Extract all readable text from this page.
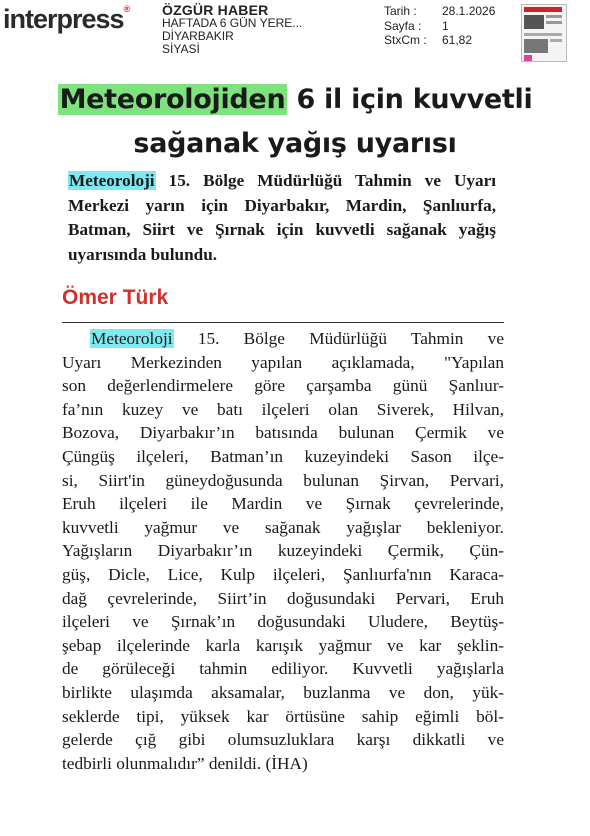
interpress® ÖZGÜR HABER
HAFTADA 6 GÜN YERE...
DİYARBAKIR
SİYASİ
Tarih :	28.1.2026
Sayfa :	1
StxCm :	61,82
Meteorolojiden 6 il için kuvvetli
sağanak yağış uyarısı
Meteoroloji 15. Bölge Müdürlüğü Tahmin ve Uyarı Merkezi yarın için Diyarbakır, Mardin, Şanlıurfa, Batman, Siirt ve Şırnak için kuvvetli sağanak yağış uyarısında bulundu.
Ömer Türk
Meteoroloji 15. Bölge Müdürlüğü Tahmin ve
Uyarı Merkezinden yapılan açıklamada, "Yapılan
son değerlendirmelere göre çarşamba günü Şanlıur-
fa’nın kuzey ve batı ilçeleri olan Siverek, Hilvan,
Bozova, Diyarbakır’ın batısında bulunan Çermik ve
Çüngüş ilçeleri, Batman’ın kuzeyindeki Sason ilçe-
si, Siirt'in güneydoğusunda bulunan Şirvan, Pervari,
Eruh ilçeleri ile Mardin ve Şırnak çevrelerinde,
kuvvetli yağmur ve sağanak yağışlar bekleniyor.
Yağışların Diyarbakır’ın kuzeyindeki Çermik, Çün-
güş, Dicle, Lice, Kulp ilçeleri, Şanlıurfa'nın Karaca-
dağ çevrelerinde, Siirt’in doğusundaki Pervari, Eruh
ilçeleri ve Şırnak’ın doğusundaki Uludere, Beytüş-
şebap ilçelerinde karla karışık yağmur ve kar şeklin-
de görüleceği tahmin ediliyor. Kuvvetli yağışlarla
birlikte ulaşımda aksamalar, buzlanma ve don, yük-
seklerde tipi, yüksek kar örtüsüne sahip eğimli böl-
gelerde çığ gibi olumsuzluklara karşı dikkatli ve
tedbirli olunmalıdır” denildi. (İHA)
